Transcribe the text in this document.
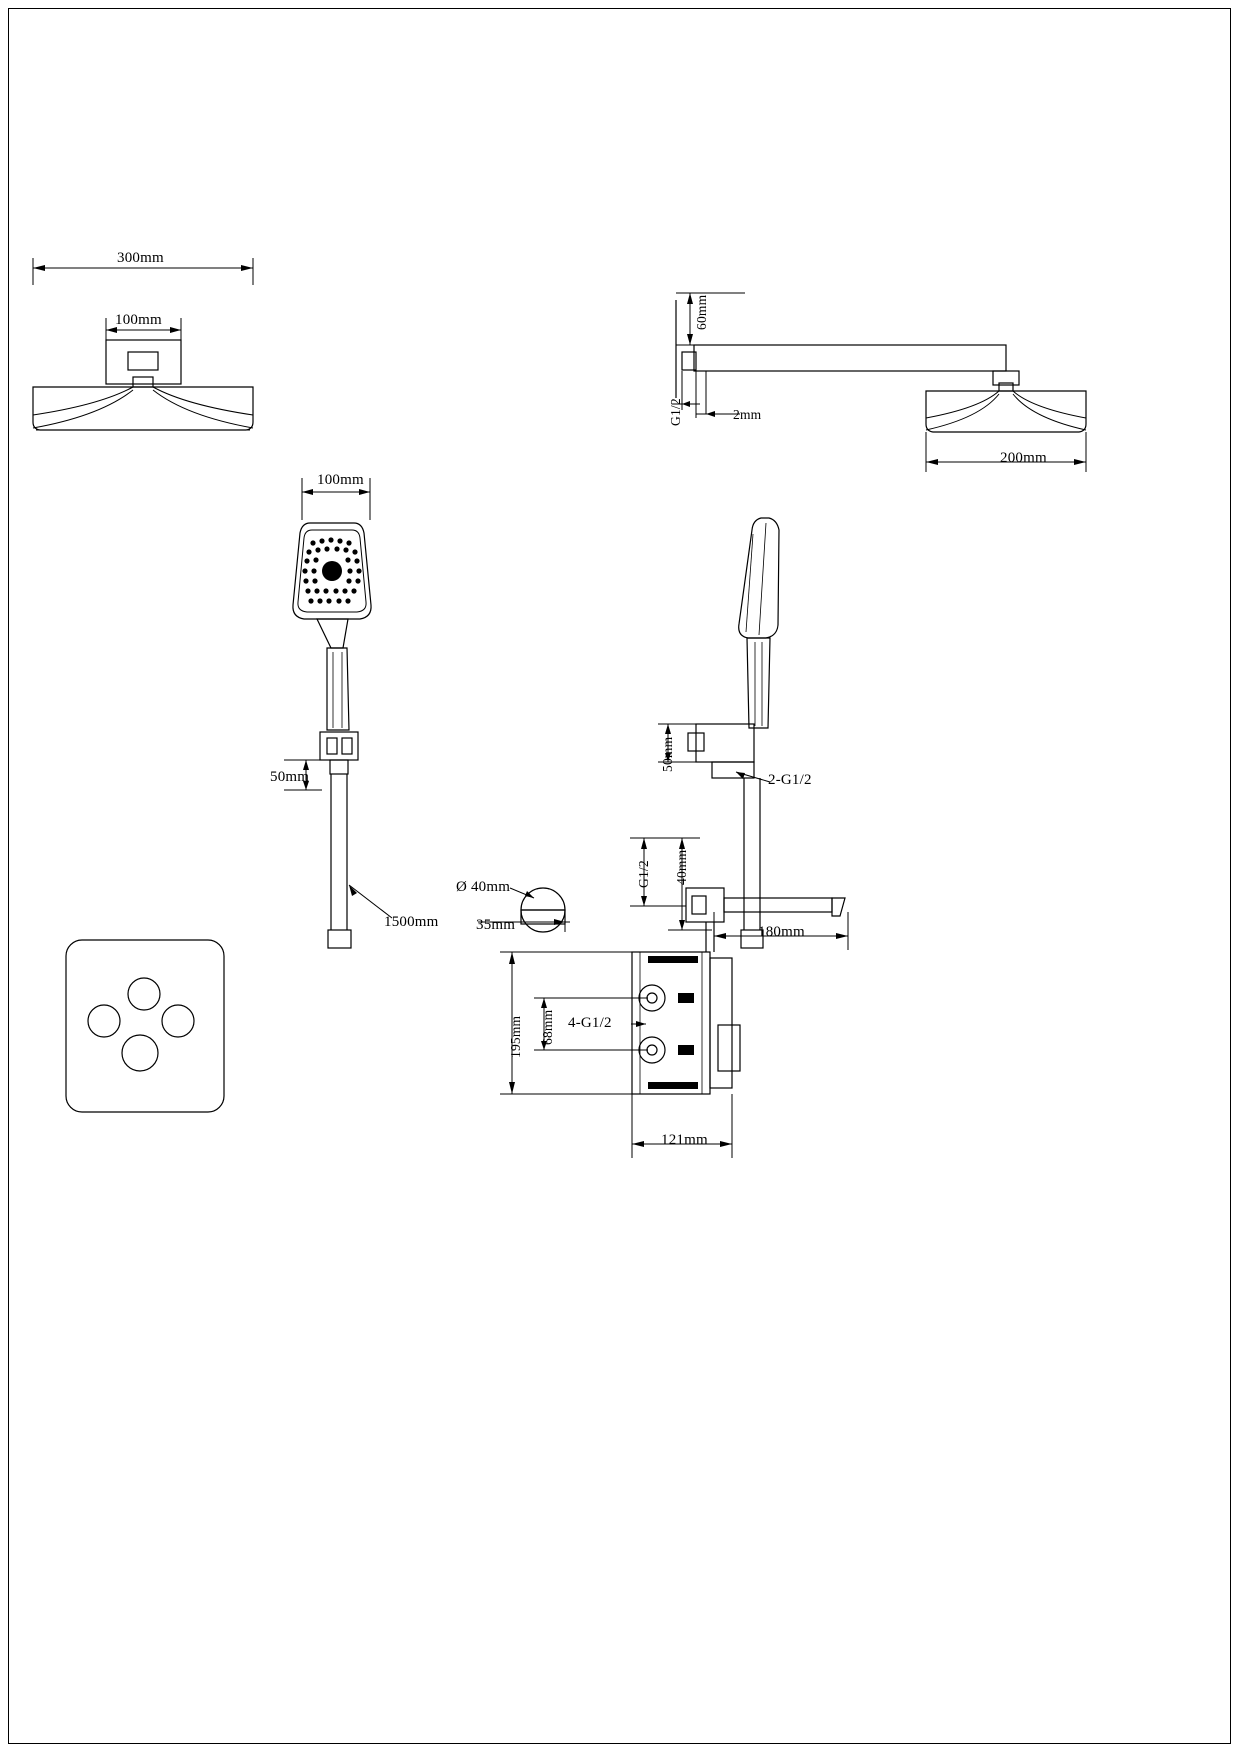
300mm
100mm	60mm
G1/2	2mm
200mm
100mm
50mm
1500mm
50mm
2-G1/2
Ø 40mm
35mm
G1/2 40mm
180mm
195mm 68mm 4-G1/2
121mm
